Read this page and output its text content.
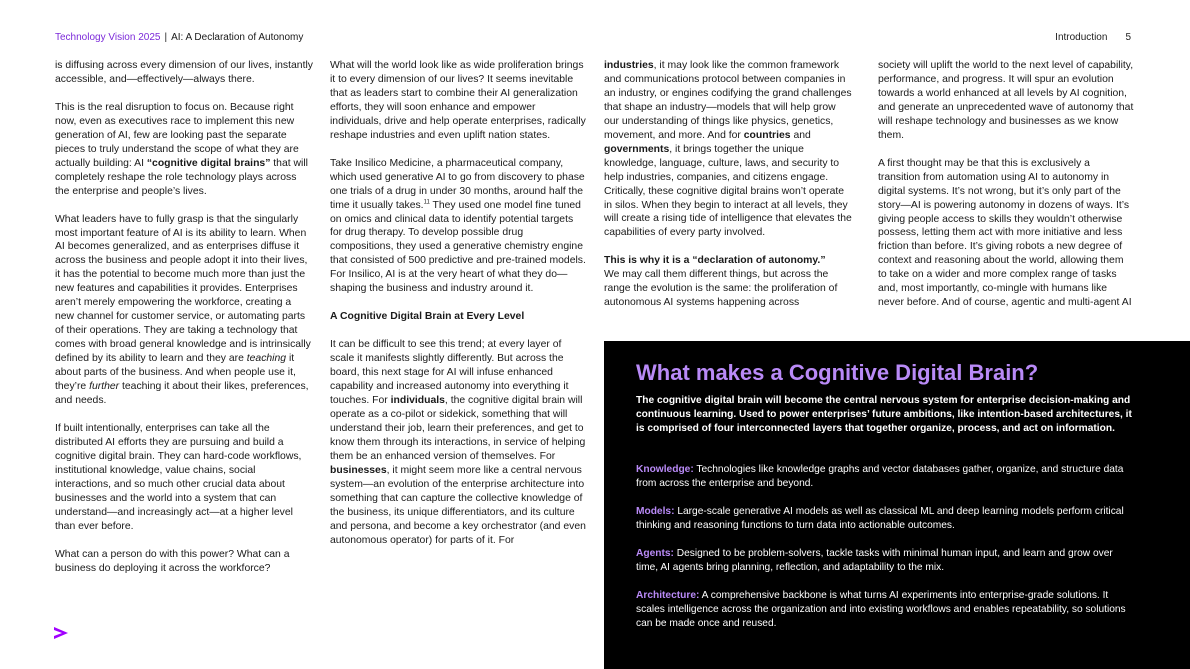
Technology Vision 2025 | AI: A Declaration of Autonomy	Introduction 5

is diffusing across every dimension of our lives, instantly accessible, and—effectively—always there.

This is the real disruption to focus on. Because right now, even as executives race to implement this new generation of AI, few are looking past the separate pieces to truly understand the scope of what they are actually building: AI “cognitive digital brains” that will completely reshape the role technology plays across the enterprise and people’s lives.

What leaders have to fully grasp is that the singularly most important feature of AI is its ability to learn. When AI becomes generalized, and as enterprises diffuse it across the business and people adopt it into their lives, it has the potential to become much more than just the new features and capabilities it provides. Enterprises aren’t merely empowering the workforce, creating a new channel for customer service, or automating parts of their operations. They are taking a technology that comes with broad general knowledge and is intrinsically defined by its ability to learn and they are teaching it about parts of the business. And when people use it, they’re further teaching it about their likes, preferences, and needs.

If built intentionally, enterprises can take all the distributed AI efforts they are pursuing and build a cognitive digital brain. They can hard-code workflows, institutional knowledge, value chains, social interactions, and so much other crucial data about businesses and the world into a system that can understand—and increasingly act—at a higher level than ever before.

What can a person do with this power? What can a business do deploying it across the workforce?

What will the world look like as wide proliferation brings it to every dimension of our lives? It seems inevitable that as leaders start to combine their AI generalization efforts, they will soon enhance and empower individuals, drive and help operate enterprises, radically reshape industries and even uplift nation states.

Take Insilico Medicine, a pharmaceutical company, which used generative AI to go from discovery to phase one trials of a drug in under 30 months, around half the time it usually takes.$^{11}$ They used one model fine tuned on omics and clinical data to identify potential targets for drug therapy. To develop possible drug compositions, they used a generative chemistry engine that consisted of 500 predictive and pre-trained models. For Insilico, AI is at the very heart of what they do—shaping the business and industry around it.

A Cognitive Digital Brain at Every Level

It can be difficult to see this trend; at every layer of scale it manifests slightly differently. But across the board, this next stage for AI will infuse enhanced capability and increased autonomy into everything it touches. For individuals, the cognitive digital brain will operate as a co-pilot or sidekick, something that will understand their job, learn their preferences, and get to know them through its interactions, in service of helping them be an enhanced version of themselves. For businesses, it might seem more like a central nervous system—an evolution of the enterprise architecture into something that can capture the collective knowledge of the business, its unique differentiators, and its culture and persona, and become a key orchestrator (and even autonomous operator) for parts of it. For

industries, it may look like the common framework and communications protocol between companies in an industry, or engines codifying the grand challenges that shape an industry—models that will help grow our understanding of things like physics, genetics, movement, and more. And for countries and governments, it brings together the unique knowledge, language, culture, laws, and security to help industries, companies, and citizens engage. Critically, these cognitive digital brains won’t operate in silos. When they begin to interact at all levels, they will create a rising tide of intelligence that elevates the capabilities of every party involved.

This is why it is a “declaration of autonomy.”
We may call them different things, but across the range the evolution is the same: the proliferation of autonomous AI systems happening across

society will uplift the world to the next level of capability, performance, and progress. It will spur an evolution towards a world enhanced at all levels by AI cognition, and generate an unprecedented wave of autonomy that will reshape technology and businesses as we know them.

A first thought may be that this is exclusively a transition from automation using AI to autonomy in digital systems. It’s not wrong, but it’s only part of the story—AI is powering autonomy in dozens of ways. It’s giving people access to skills they wouldn’t otherwise possess, letting them act with more initiative and less friction than before. It’s giving robots a new degree of context and reasoning about the world, allowing them to take on a wider and more complex range of tasks and, most importantly, co-mingle with humans like never before. And of course, agentic and multi-agent AI

What makes a Cognitive Digital Brain?

The cognitive digital brain will become the central nervous system for enterprise decision-making and continuous learning. Used to power enterprises’ future ambitions, like intention-based architectures, it is comprised of four interconnected layers that together organize, process, and act on information.

Knowledge: Technologies like knowledge graphs and vector databases gather, organize, and structure data from across the enterprise and beyond.

Models: Large-scale generative AI models as well as classical ML and deep learning models perform critical thinking and reasoning functions to turn data into actionable outcomes.

Agents: Designed to be problem-solvers, tackle tasks with minimal human input, and learn and grow over time, AI agents bring planning, reflection, and adaptability to the mix.

Architecture: A comprehensive backbone is what turns AI experiments into enterprise-grade solutions. It scales intelligence across the organization and into existing workflows and enables repeatability, so solutions can be made once and reused.
